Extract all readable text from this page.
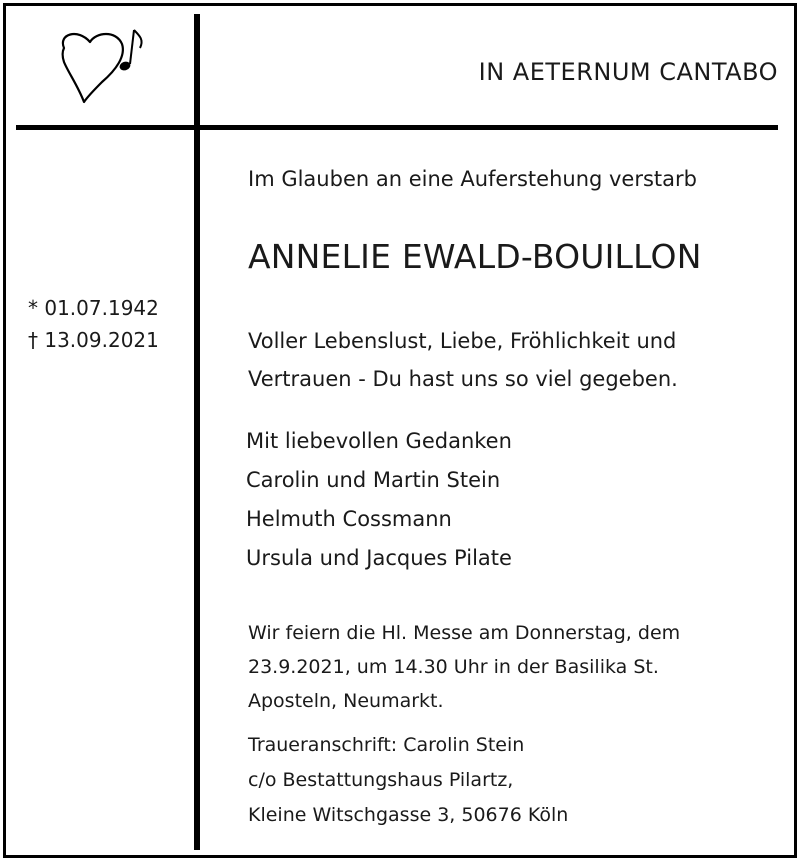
IN AETERNUM CANTABO
* 01.07.1942
† 13.09.2021
Im Glauben an eine Auferstehung verstarb
ANNELIE EWALD-BOUILLON
Voller Lebenslust, Liebe, Fröhlichkeit und
Vertrauen - Du hast uns so viel gegeben.
Mit liebevollen Gedanken
Carolin und Martin Stein
Helmuth Cossmann
Ursula und Jacques Pilate
Wir feiern die Hl. Messe am Donnerstag, dem
23.9.2021, um 14.30 Uhr in der Basilika St.
Aposteln, Neumarkt.
Traueranschrift: Carolin Stein
c/o Bestattungshaus Pilartz,
Kleine Witschgasse 3, 50676 Köln
